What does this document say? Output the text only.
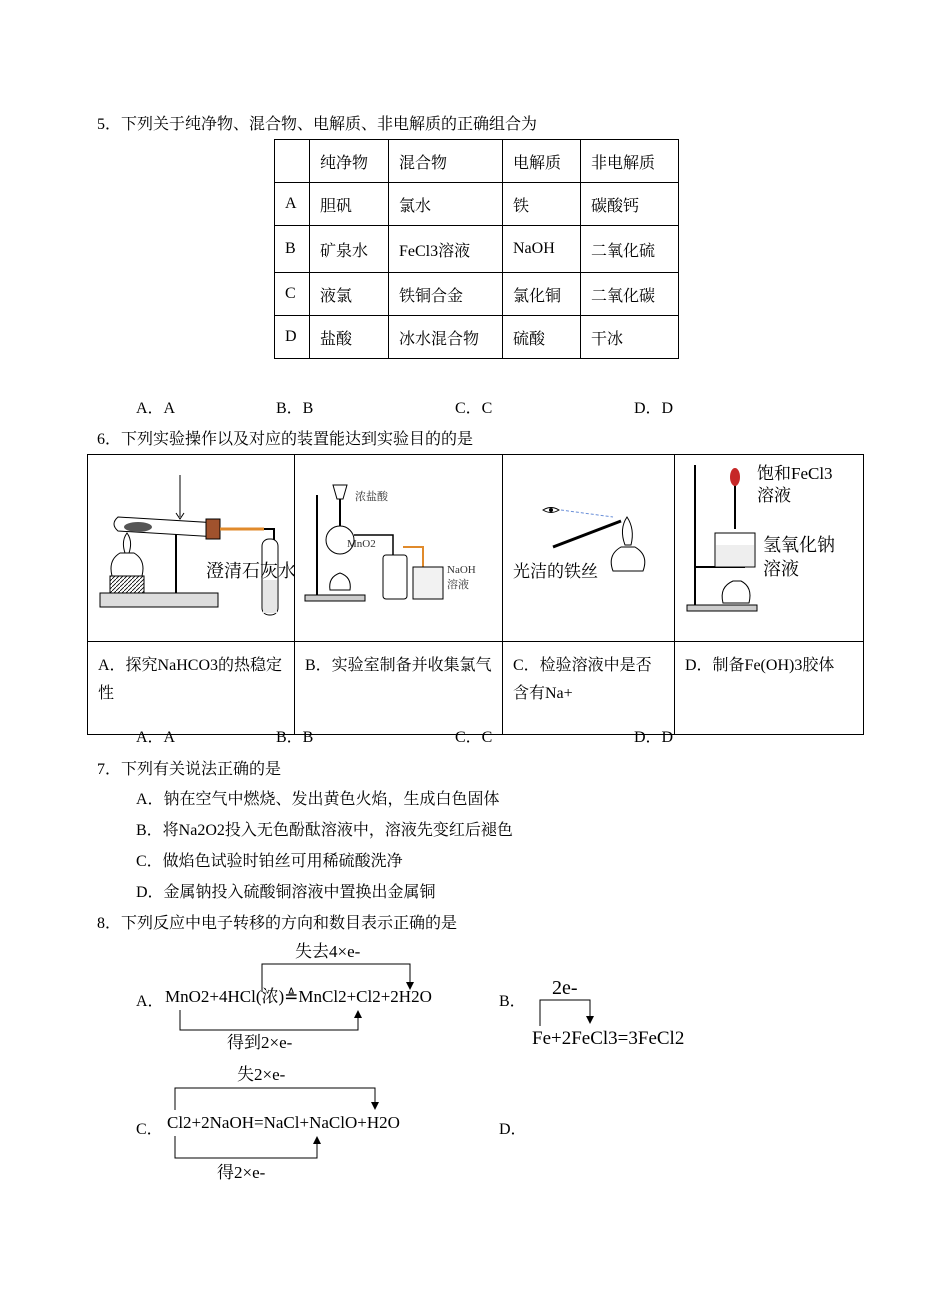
5．下列关于纯净物、混合物、电解质、非电解质的正确组合为
	纯净物	混合物	电解质	非电解质
A	胆矾	氯水	铁	碳酸钙
B	矿泉水	FeCl3溶液	NaOH	二氧化硫
C	液氯	铁铜合金	氯化铜	二氧化碳
D	盐酸	冰水混合物	硫酸	干冰
A．A	B．B	C．C	D．D
6．下列实验操作以及对应的装置能达到实验目的的是
澄清石灰水	浓盐酸
MnO2
NaOH
溶液	光洁的铁丝	饱和FeCl3
溶液
氢氧化钠
溶液

A．探究NaHCO3的热稳定性	B．实验室制备并收集氯气	C．检验溶液中是否含有Na+	D．制备Fe(OH)3胶体
A．A	B．B	C．C	D．D
7．下列有关说法正确的是
A．钠在空气中燃烧、发出黄色火焰，生成白色固体
B．将Na2O2投入无色酚酞溶液中，溶液先变红后褪色
C．做焰色试验时铂丝可用稀硫酸洗净
D．金属钠投入硫酸铜溶液中置换出金属铜
8．下列反应中电子转移的方向和数目表示正确的是
A．
失去4×e-
MnO2+4HCl(浓)≜MnCl2+Cl2+2H2O
得到2×e-
B．
2e-
Fe+2FeCl3=3FeCl2
C．
失2×e-
Cl2+2NaOH=NaCl+NaClO+H2O
得2×e-
D．
